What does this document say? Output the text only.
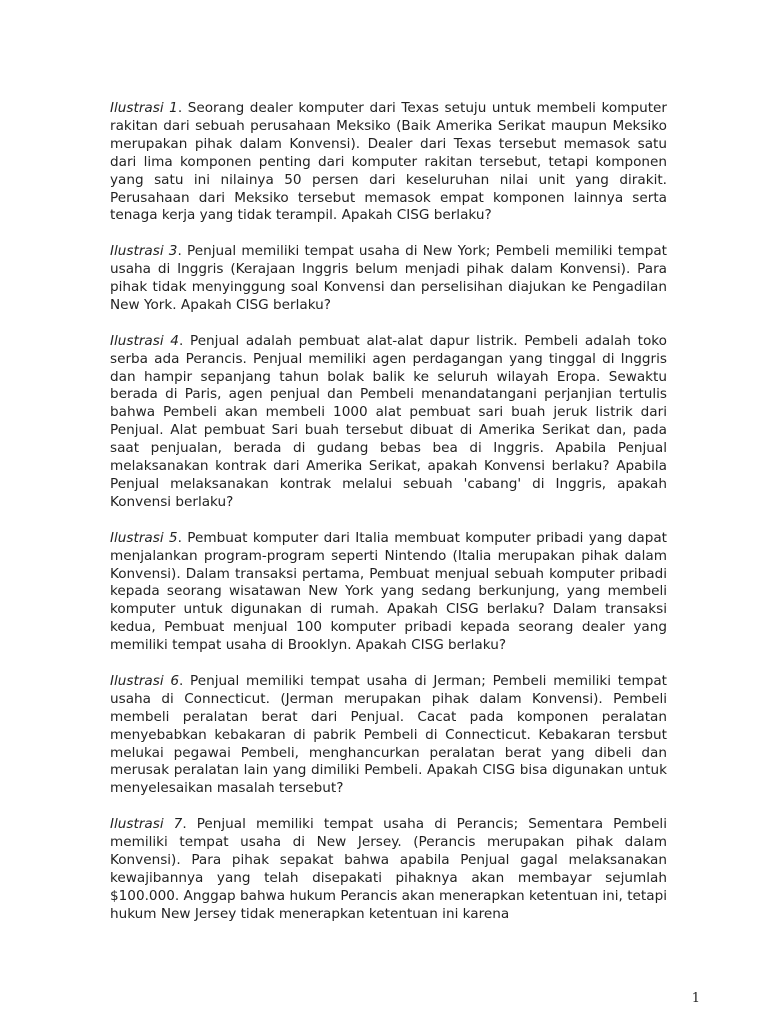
Ilustrasi 1. Seorang dealer komputer dari Texas setuju untuk membeli komputer rakitan dari sebuah perusahaan Meksiko (Baik Amerika Serikat maupun Meksiko merupakan pihak dalam Konvensi). Dealer dari Texas tersebut memasok satu dari lima komponen penting dari komputer rakitan tersebut, tetapi komponen yang satu ini nilainya 50 persen dari keseluruhan nilai unit yang dirakit. Perusahaan dari Meksiko tersebut memasok empat komponen lainnya serta tenaga kerja yang tidak terampil. Apakah CISG berlaku?

Ilustrasi 3. Penjual memiliki tempat usaha di New York; Pembeli memiliki tempat usaha di Inggris (Kerajaan Inggris belum menjadi pihak dalam Konvensi). Para pihak tidak menyinggung soal Konvensi dan perselisihan diajukan ke Pengadilan New York. Apakah CISG berlaku?

Ilustrasi 4. Penjual adalah pembuat alat-alat dapur listrik. Pembeli adalah toko serba ada Perancis. Penjual memiliki agen perdagangan yang tinggal di Inggris dan hampir sepanjang tahun bolak balik ke seluruh wilayah Eropa. Sewaktu berada di Paris, agen penjual dan Pembeli menandatangani perjanjian tertulis bahwa Pembeli akan membeli 1000 alat pembuat sari buah jeruk listrik dari Penjual. Alat pembuat Sari buah tersebut dibuat di Amerika Serikat dan, pada saat penjualan, berada di gudang bebas bea di Inggris. Apabila Penjual melaksanakan kontrak dari Amerika Serikat, apakah Konvensi berlaku? Apabila Penjual melaksanakan kontrak melalui sebuah 'cabang' di Inggris, apakah Konvensi berlaku?

Ilustrasi 5. Pembuat komputer dari Italia membuat komputer pribadi yang dapat menjalankan program-program seperti Nintendo (Italia merupakan pihak dalam Konvensi). Dalam transaksi pertama, Pembuat menjual sebuah komputer pribadi kepada seorang wisatawan New York yang sedang berkunjung, yang membeli komputer untuk digunakan di rumah. Apakah CISG berlaku? Dalam transaksi kedua, Pembuat menjual 100 komputer pribadi kepada seorang dealer yang memiliki tempat usaha di Brooklyn. Apakah CISG berlaku?

Ilustrasi 6. Penjual memiliki tempat usaha di Jerman; Pembeli memiliki tempat usaha di Connecticut. (Jerman merupakan pihak dalam Konvensi). Pembeli membeli peralatan berat dari Penjual. Cacat pada komponen peralatan menyebabkan kebakaran di pabrik Pembeli di Connecticut. Kebakaran tersbut melukai pegawai Pembeli, menghancurkan peralatan berat yang dibeli dan merusak peralatan lain yang dimiliki Pembeli. Apakah CISG bisa digunakan untuk menyelesaikan masalah tersebut?

Ilustrasi 7. Penjual memiliki tempat usaha di Perancis; Sementara Pembeli memiliki tempat usaha di New Jersey. (Perancis merupakan pihak dalam Konvensi). Para pihak sepakat bahwa apabila Penjual gagal melaksanakan kewajibannya yang telah disepakati pihaknya akan membayar sejumlah $100.000. Anggap bahwa hukum Perancis akan menerapkan ketentuan ini, tetapi hukum New Jersey tidak menerapkan ketentuan ini karena

1
